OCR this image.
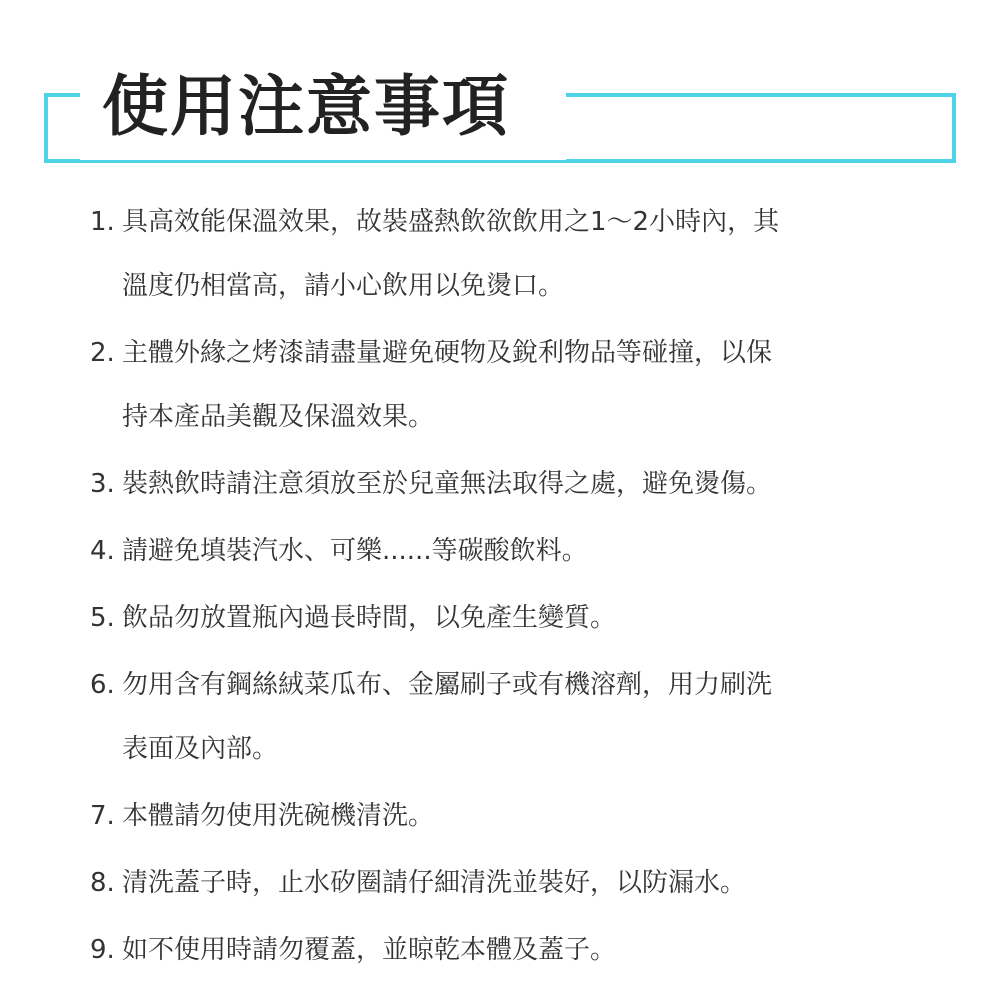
使用注意事項
1. 具高效能保溫效果，故裝盛熱飲欲飲用之1～2小時內，其
溫度仍相當高，請小心飲用以免燙口。
2. 主體外緣之烤漆請盡量避免硬物及銳利物品等碰撞，以保
持本產品美觀及保溫效果。
3. 裝熱飲時請注意須放至於兒童無法取得之處，避免燙傷。
4. 請避免填裝汽水、可樂......等碳酸飲料。
5. 飲品勿放置瓶內過長時間，以免產生變質。
6. 勿用含有鋼絲絨菜瓜布、金屬刷子或有機溶劑，用力刷洗
表面及內部。
7. 本體請勿使用洗碗機清洗。
8. 清洗蓋子時，止水矽圈請仔細清洗並裝好，以防漏水。
9. 如不使用時請勿覆蓋，並晾乾本體及蓋子。
